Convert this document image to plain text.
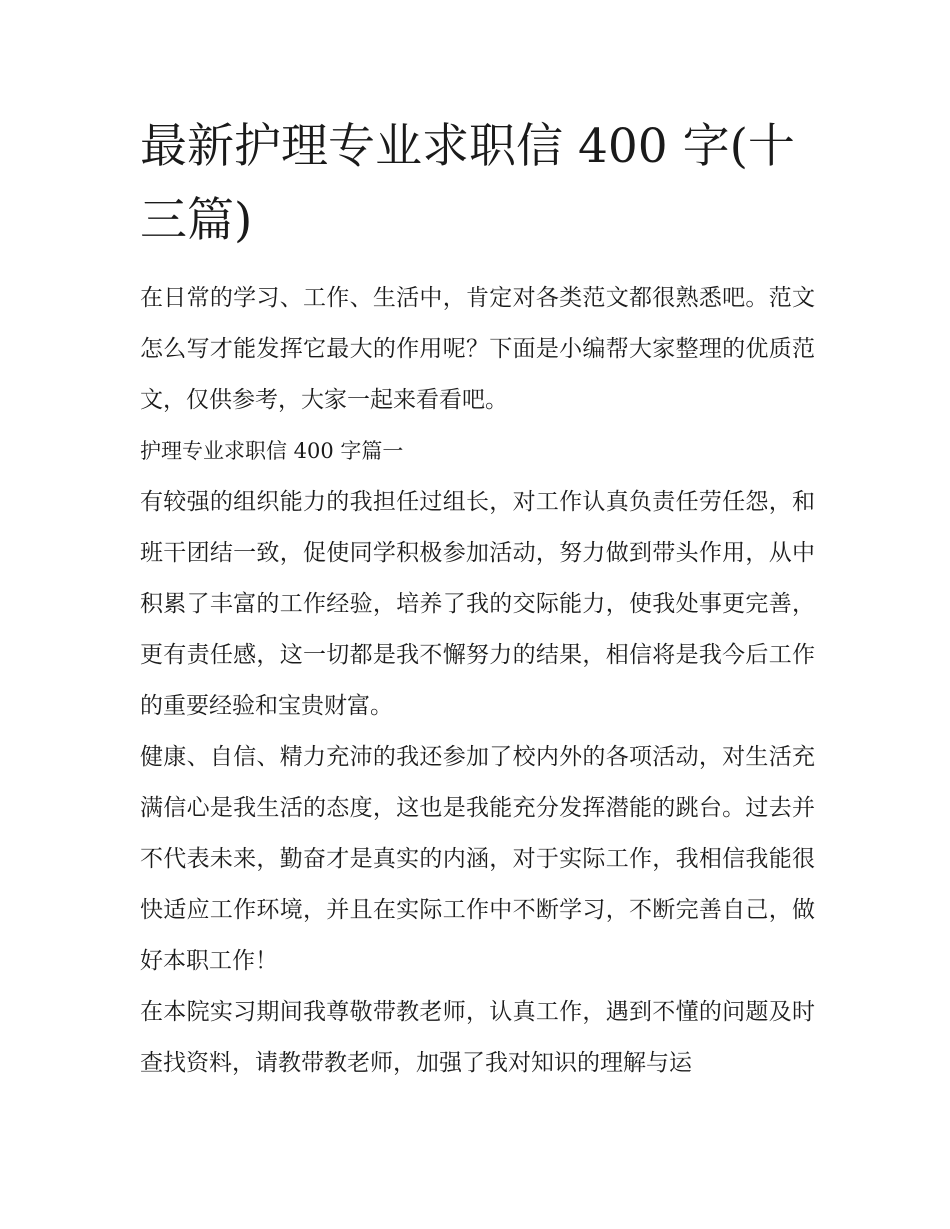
最新护理专业求职信 400 字(十三篇)

在日常的学习、工作、生活中，肯定对各类范文都很熟悉吧。范文怎么写才能发挥它最大的作用呢？下面是小编帮大家整理的优质范文，仅供参考，大家一起来看看吧。

护理专业求职信 400 字篇一

有较强的组织能力的我担任过组长，对工作认真负责任劳任怨，和班干团结一致，促使同学积极参加活动，努力做到带头作用，从中积累了丰富的工作经验，培养了我的交际能力，使我处事更完善，更有责任感，这一切都是我不懈努力的结果，相信将是我今后工作的重要经验和宝贵财富。

健康、自信、精力充沛的我还参加了校内外的各项活动，对生活充满信心是我生活的态度，这也是我能充分发挥潜能的跳台。过去并不代表未来，勤奋才是真实的内涵，对于实际工作，我相信我能很快适应工作环境，并且在实际工作中不断学习，不断完善自己，做好本职工作！

在本院实习期间我尊敬带教老师，认真工作，遇到不懂的问题及时查找资料，请教带教老师，加强了我对知识的理解与运
